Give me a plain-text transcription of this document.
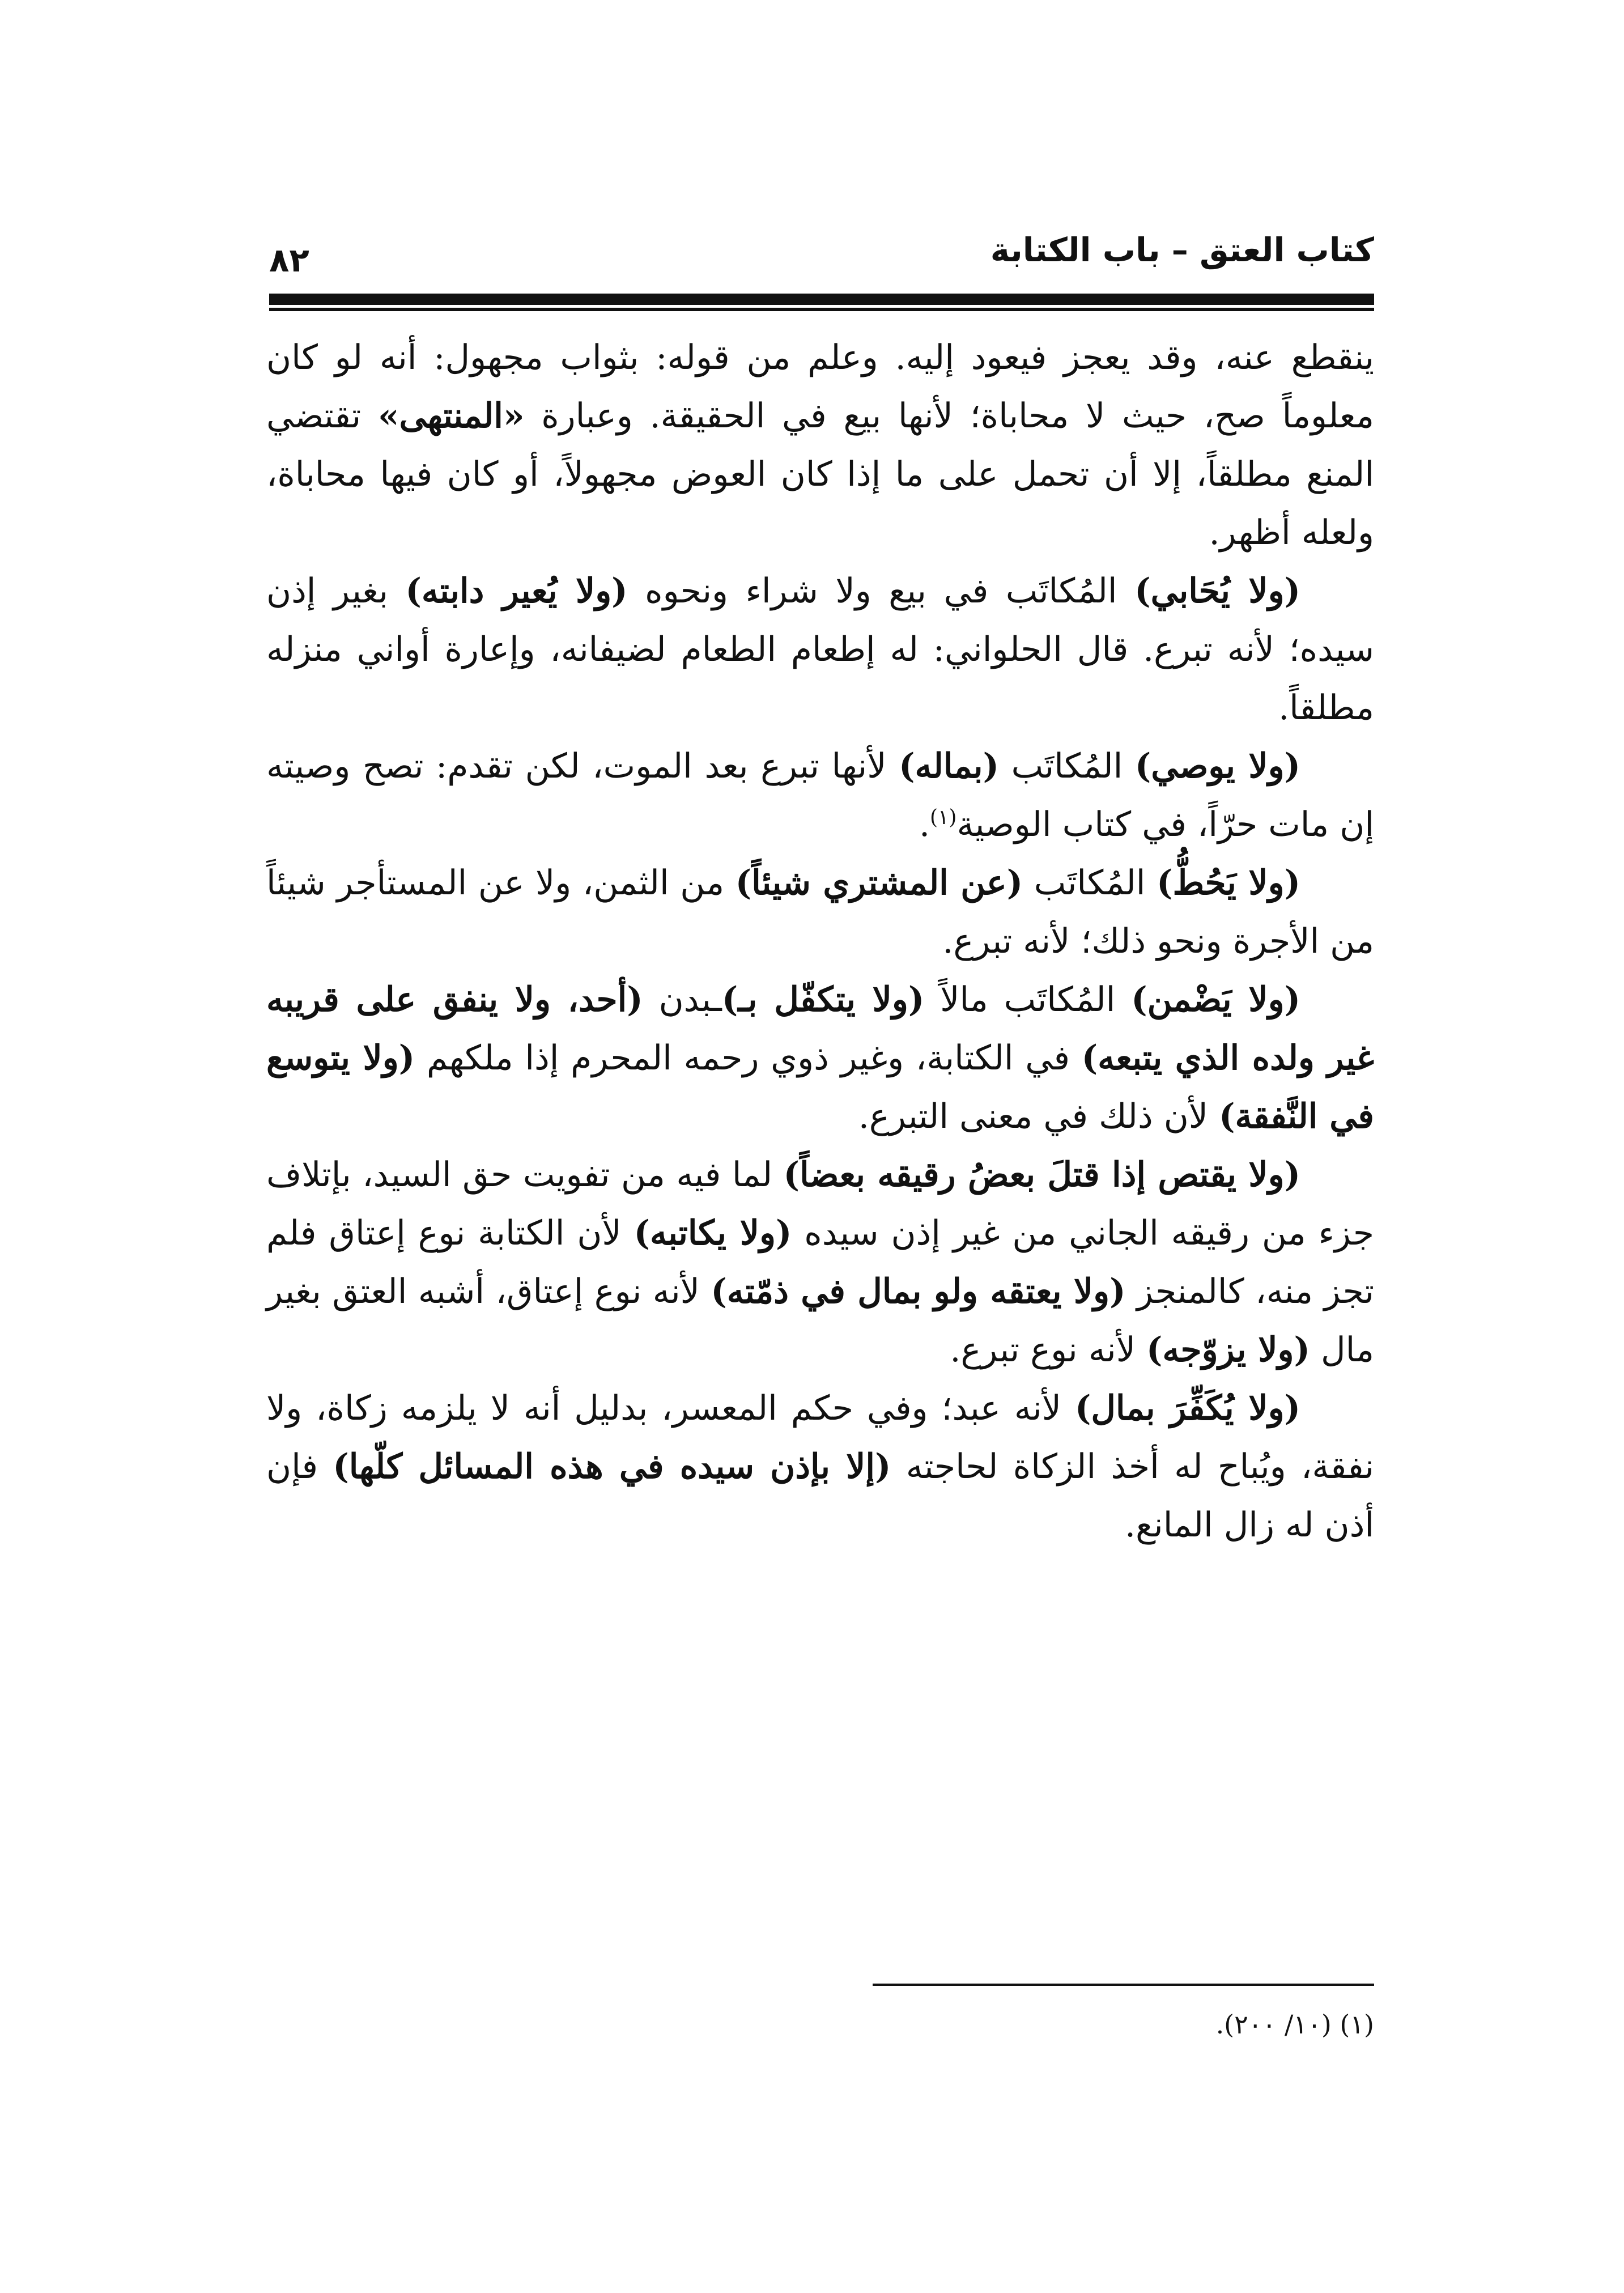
كتاب العتق – باب الكتابة
٨٢

ينقطع عنه، وقد يعجز فيعود إليه. وعلم من قوله: بثواب مجهول: أنه لو كان معلوماً صح، حيث لا محاباة؛ لأنها بيع في الحقيقة. وعبارة «المنتهى» تقتضي المنع مطلقاً، إلا أن تحمل على ما إذا كان العوض مجهولاً، أو كان فيها محاباة، ولعله أظهر.

(ولا يُحَابي) المُكاتَب في بيع ولا شراء ونحوه (ولا يُعير دابته) بغير إذن سيده؛ لأنه تبرع. قال الحلواني: له إطعام الطعام لضيفانه، وإعارة أواني منزله مطلقاً.

(ولا يوصي) المُكاتَب (بماله) لأنها تبرع بعد الموت، لكن تقدم: تصح وصيته إن مات حرّاً، في كتاب الوصية$^{(١)}$.

(ولا يَحُطُّ) المُكاتَب (عن المشتري شيئاً) من الثمن، ولا عن المستأجر شيئاً من الأجرة ونحو ذلك؛ لأنه تبرع.

(ولا يَضْمن) المُكاتَب مالاً (ولا يتكفّل بـ)ـبدن (أحد، ولا ينفق على قريبه غير ولده الذي يتبعه) في الكتابة، وغير ذوي رحمه المحرم إذا ملكهم (ولا يتوسع في النَّفقة) لأن ذلك في معنى التبرع.

(ولا يقتص إذا قتلَ بعضُ رقيقه بعضاً) لما فيه من تفويت حق السيد، بإتلاف جزء من رقيقه الجاني من غير إذن سيده (ولا يكاتبه) لأن الكتابة نوع إعتاق فلم تجز منه، كالمنجز (ولا يعتقه ولو بمال في ذمّته) لأنه نوع إعتاق، أشبه العتق بغير مال (ولا يزوّجه) لأنه نوع تبرع.

(ولا يُكَفِّرَ بمال) لأنه عبد؛ وفي حكم المعسر، بدليل أنه لا يلزمه زكاة، ولا نفقة، ويُباح له أخذ الزكاة لحاجته (إلا بإذن سيده في هذه المسائل كلّها) فإن أذن له زال المانع.

(١) (١٠/ ٢٠٠).
